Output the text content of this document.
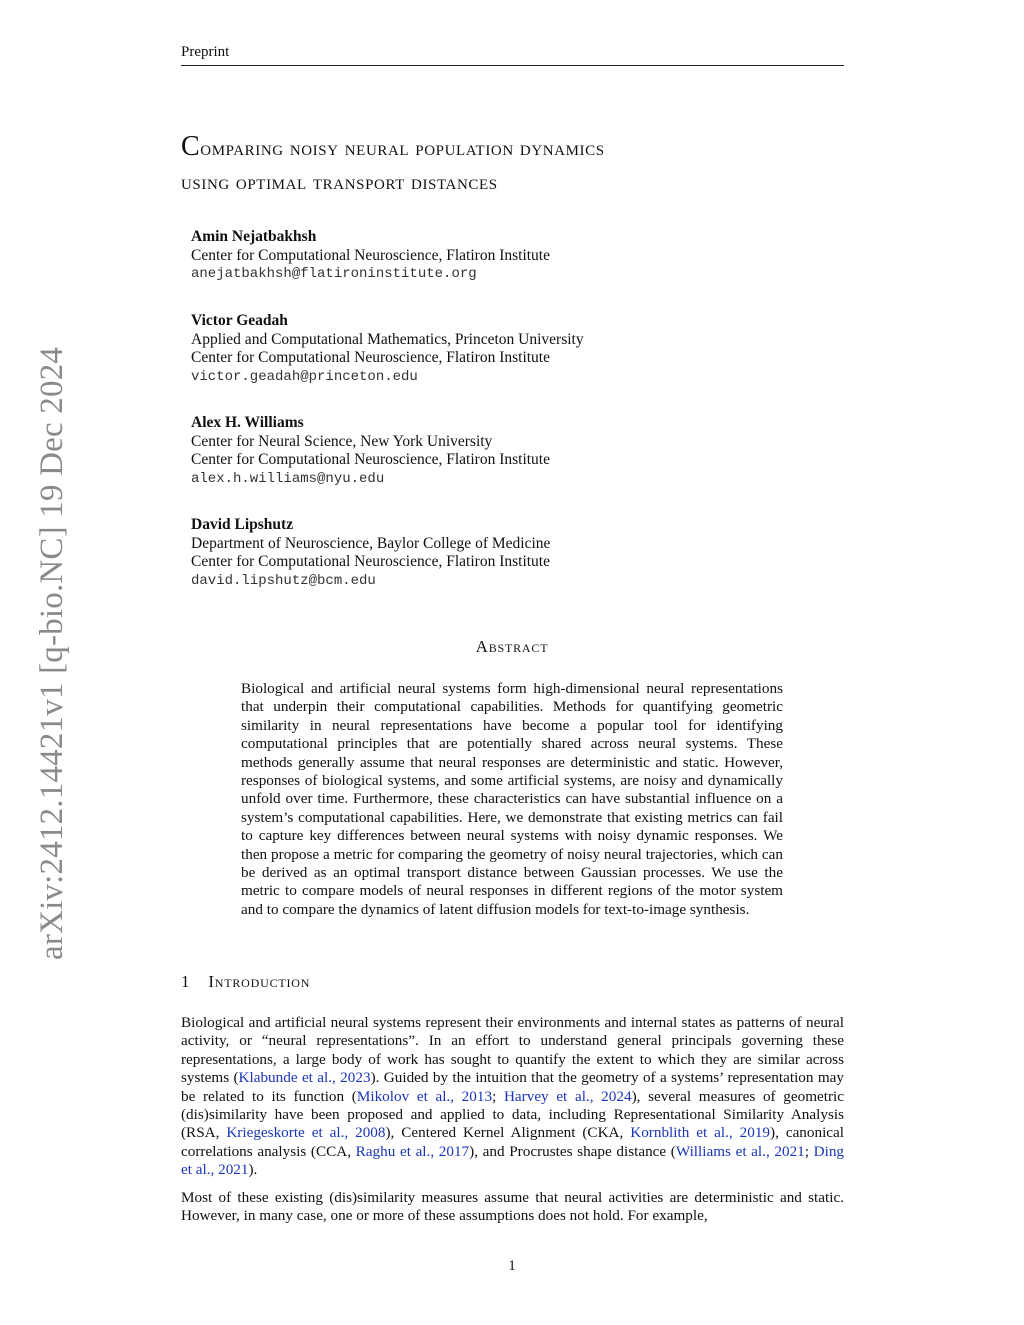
Preprint
arXiv:2412.14421v1 [q-bio.NC] 19 Dec 2024
Comparing noisy neural population dynamics
using optimal transport distances
Amin Nejatbakhsh
Center for Computational Neuroscience, Flatiron Institute
anejatbakhsh@flatironinstitute.org
Victor Geadah
Applied and Computational Mathematics, Princeton University
Center for Computational Neuroscience, Flatiron Institute
victor.geadah@princeton.edu
Alex H. Williams
Center for Neural Science, New York University
Center for Computational Neuroscience, Flatiron Institute
alex.h.williams@nyu.edu
David Lipshutz
Department of Neuroscience, Baylor College of Medicine
Center for Computational Neuroscience, Flatiron Institute
david.lipshutz@bcm.edu
Abstract
Biological and artificial neural systems form high-dimensional neural representations that underpin their computational capabilities. Methods for quantifying geometric similarity in neural representations have become a popular tool for identifying computational principles that are potentially shared across neural systems. These methods generally assume that neural responses are deterministic and static. However, responses of biological systems, and some artificial systems, are noisy and dynamically unfold over time. Furthermore, these characteristics can have substantial influence on a system’s computational capabilities. Here, we demonstrate that existing metrics can fail to capture key differences between neural systems with noisy dynamic responses. We then propose a metric for comparing the geometry of noisy neural trajectories, which can be derived as an optimal transport distance between Gaussian processes. We use the metric to compare models of neural responses in different regions of the motor system and to compare the dynamics of latent diffusion models for text-to-image synthesis.
1 Introduction

Biological and artificial neural systems represent their environments and internal states as patterns of neural activity, or “neural representations”. In an effort to understand general principals governing these representations, a large body of work has sought to quantify the extent to which they are similar across systems (Klabunde et al., 2023). Guided by the intuition that the geometry of a systems’ representation may be related to its function (Mikolov et al., 2013; Harvey et al., 2024), several measures of geometric (dis)similarity have been proposed and applied to data, including Representational Similarity Analysis (RSA, Kriegeskorte et al., 2008), Centered Kernel Alignment (CKA, Kornblith et al., 2019), canonical correlations analysis (CCA, Raghu et al., 2017), and Procrustes shape distance (Williams et al., 2021; Ding et al., 2021).

Most of these existing (dis)similarity measures assume that neural activities are deterministic and static. However, in many case, one or more of these assumptions does not hold. For example,

1
